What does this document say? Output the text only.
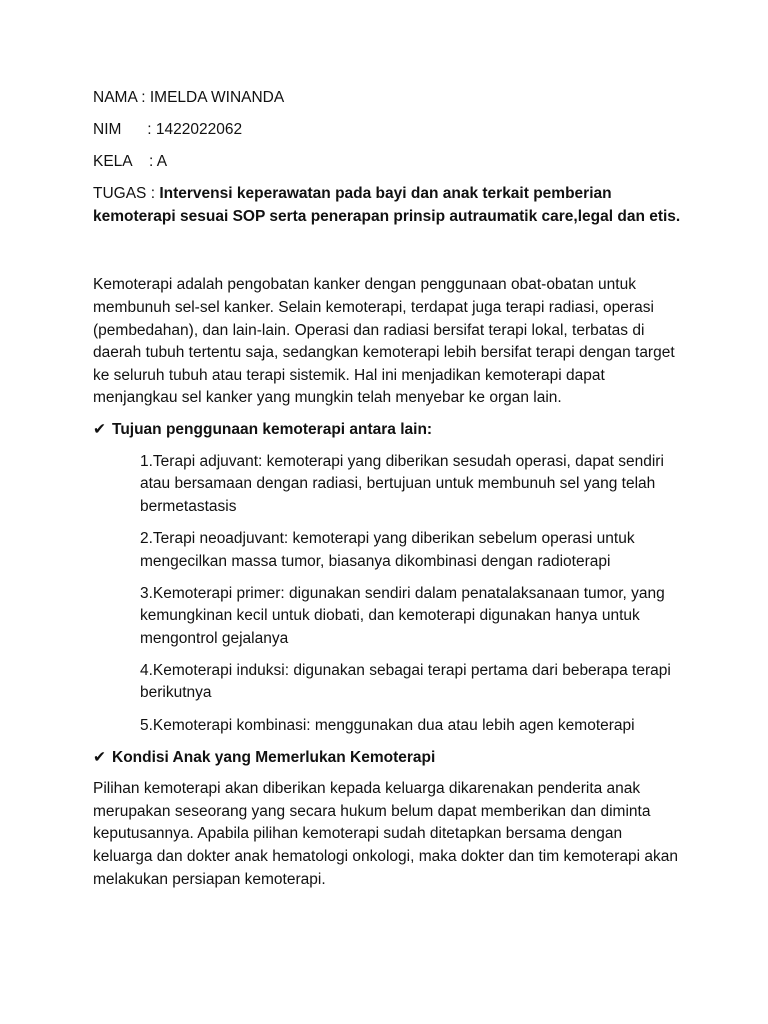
NAMA : IMELDA WINANDA

NIM      : 1422022062

KELA    : A

TUGAS : Intervensi keperawatan pada bayi dan anak terkait pemberian kemoterapi sesuai SOP serta penerapan prinsip autraumatik care,legal dan etis.

Kemoterapi adalah pengobatan kanker dengan penggunaan obat-obatan untuk membunuh sel-sel kanker. Selain kemoterapi, terdapat juga terapi radiasi, operasi (pembedahan), dan lain-lain. Operasi dan radiasi bersifat terapi lokal, terbatas di daerah tubuh tertentu saja, sedangkan kemoterapi lebih bersifat terapi dengan target ke seluruh tubuh atau terapi sistemik. Hal ini menjadikan kemoterapi dapat menjangkau sel kanker yang mungkin telah menyebar ke organ lain.

✔ Tujuan penggunaan kemoterapi antara lain:

1.Terapi adjuvant: kemoterapi yang diberikan sesudah operasi, dapat sendiri atau bersamaan dengan radiasi, bertujuan untuk membunuh sel yang telah bermetastasis
2.Terapi neoadjuvant: kemoterapi yang diberikan sebelum operasi untuk mengecilkan massa tumor, biasanya dikombinasi dengan radioterapi
3.Kemoterapi primer: digunakan sendiri dalam penatalaksanaan tumor, yang kemungkinan kecil untuk diobati, dan kemoterapi digunakan hanya untuk mengontrol gejalanya
4.Kemoterapi induksi: digunakan sebagai terapi pertama dari beberapa terapi berikutnya
5.Kemoterapi kombinasi: menggunakan dua atau lebih agen kemoterapi

✔ Kondisi Anak yang Memerlukan Kemoterapi

Pilihan kemoterapi akan diberikan kepada keluarga dikarenakan penderita anak merupakan seseorang yang secara hukum belum dapat memberikan dan diminta keputusannya. Apabila pilihan kemoterapi sudah ditetapkan bersama dengan keluarga dan dokter anak hematologi onkologi, maka dokter dan tim kemoterapi akan melakukan persiapan kemoterapi.
